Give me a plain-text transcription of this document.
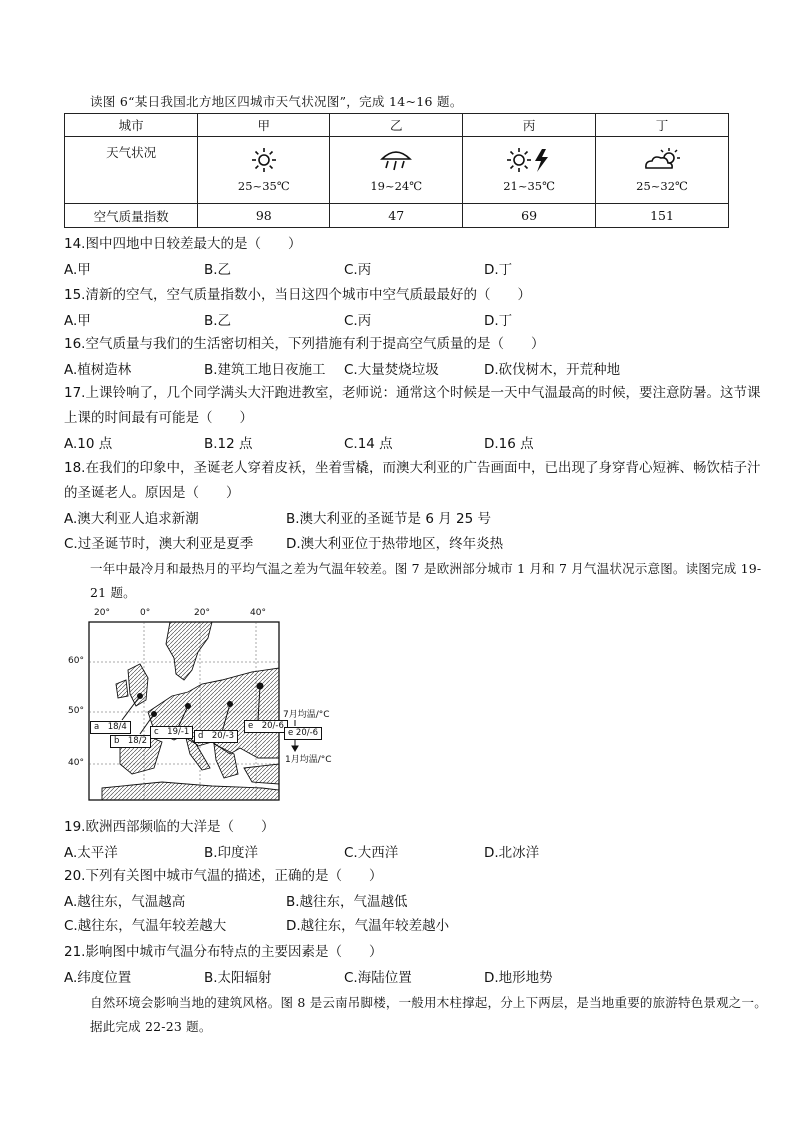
读图 6“某日我国北方地区四城市天气状况图”，完成 14~16 题。
城市	甲	乙	丙	丁
天气状况	25~35℃	19~24℃	21~35℃	25~32℃

空气质量指数	98	47	69	151
14.图中四地中日较差最大的是（　　）
A.甲	B.乙	C.丙	D.丁
15.清新的空气，空气质量指数小，当日这四个城市中空气质最最好的（　　）
A.甲	B.乙	C.丙	D.丁
16.空气质量与我们的生活密切相关，下列措施有利于提高空气质量的是（　　）
A.植树造林	B.建筑工地日夜施工 C.大量焚烧垃圾	D.砍伐树木，开荒种地
17.上课铃响了，几个同学满头大汗跑进教室，老师说：通常这个时候是一天中气温最高的时候，要注意防暑。这节课上课的时间最有可能是（　　）
A.10 点	B.12 点	C.14 点	D.16 点
18.在我们的印象中，圣诞老人穿着皮袄，坐着雪橇，而澳大利亚的广告画面中，已出现了身穿背心短裤、畅饮桔子汁的圣诞老人。原因是（　　）
A.澳大利亚人追求新潮	B.澳大利亚的圣诞节是 6 月 25 号
C.过圣诞节时，澳大利亚是夏季 D.澳大利亚位于热带地区，终年炎热
一年中最冷月和最热月的平均气温之差为气温年较差。图 7 是欧洲部分城市 1 月和 7 月气温状况示意图。读图完成 19-21 题。
20°	0°	20°	40°
60°
50°
40°
a　18/4
b　18/2
c　19/-1	d　20/-3
e　20/-6
7月均温/°C
e 20/-6
1月均温/°C
19.欧洲西部频临的大洋是（　　）
A.太平洋	B.印度洋	C.大西洋	D.北冰洋
20.下列有关图中城市气温的描述，正确的是（　　）
A.越往东，气温越高	B.越往东，气温越低
C.越往东，气温年较差越大	D.越往东，气温年较差越小
21.影响图中城市气温分布特点的主要因素是（　　）
A.纬度位置	B.太阳辐射	C.海陆位置	D.地形地势
自然环境会影响当地的建筑风格。图 8 是云南吊脚楼，一般用木柱撑起，分上下两层，是当地重要的旅游特色景观之一。据此完成 22-23 题。
